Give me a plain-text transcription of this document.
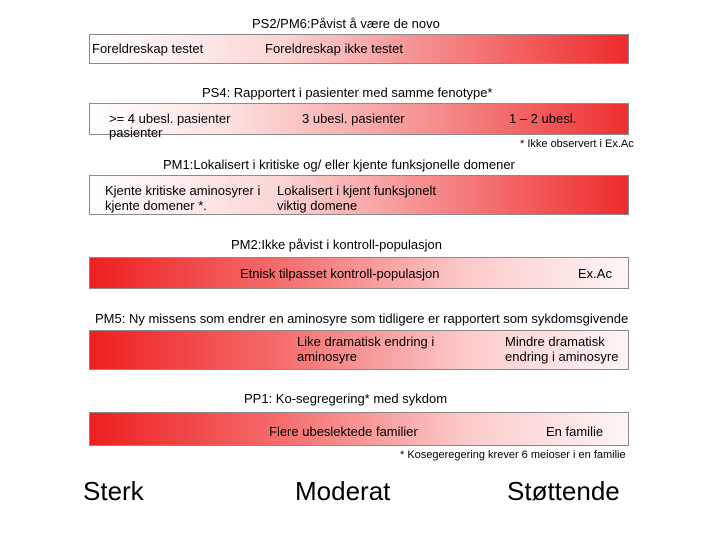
PS2/PM6:Påvist å være de novo
Foreldreskap testet	Foreldreskap ikke testet
PS4: Rapportert i pasienter med samme fenotype*
>= 4 ubesl. pasienter
pasienter
3 ubesl. pasienter	1 – 2 ubesl.
* Ikke observert i Ex.Ac
PM1:Lokalisert i kritiske og/ eller kjente funksjonelle domener
Kjente kritiske aminosyrer i kjente domener *.
Lokalisert i kjent funksjonelt viktig domene
PM2:Ikke påvist i kontroll-populasjon
Etnisk tilpasset kontroll-populasjon	Ex.Ac
PM5: Ny missens som endrer en aminosyre som tidligere er rapportert som sykdomsgivende
Like dramatisk endring i aminosyre
Mindre dramatisk endring i aminosyre
PP1: Ko-segregering* med sykdom
Flere ubeslektede familier	En familie
* Kosegeregering krever 6 meioser i en familie
Sterk	Moderat	Støttende
